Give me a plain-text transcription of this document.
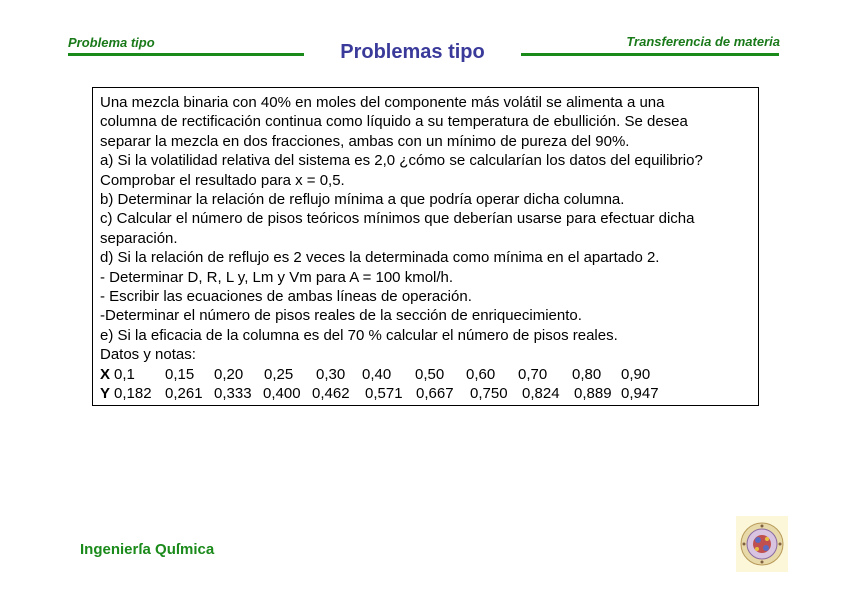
Problema tipo	Transferencia de materia
Problemas tipo
Una mezcla binaria con 40% en moles del componente más volátil se alimenta a una
columna de rectificación continua como líquido a su temperatura de ebullición. Se desea
separar la mezcla en dos fracciones, ambas con un mínimo de pureza del 90%.
a) Si la volatilidad relativa del sistema es 2,0 ¿cómo se calcularían los datos del equilibrio?
Comprobar el resultado para x = 0,5.
b) Determinar la relación de reflujo mínima a que podría operar dicha columna.
c) Calcular el número de pisos teóricos mínimos que deberían usarse para efectuar dicha
separación.
d) Si la relación de reflujo es 2 veces la determinada como mínima en el apartado 2.
- Determinar D, R, L y, Lm y Vm para A = 100 kmol/h.
- Escribir las ecuaciones de ambas líneas de operación.
-Determinar el número de pisos reales de la sección de enriquecimiento.
e) Si la eficacia de la columna es del 70 % calcular el número de pisos reales.
Datos y notas:
X 0,1 0,15 0,20 0,25 0,30 0,40 0,50 0,60 0,70 0,80 0,90
Y 0,182 0,261 0,333 0,400 0,462 0,571 0,667 0,750 0,824 0,889 0,947
Ingenierſa Quſmica
